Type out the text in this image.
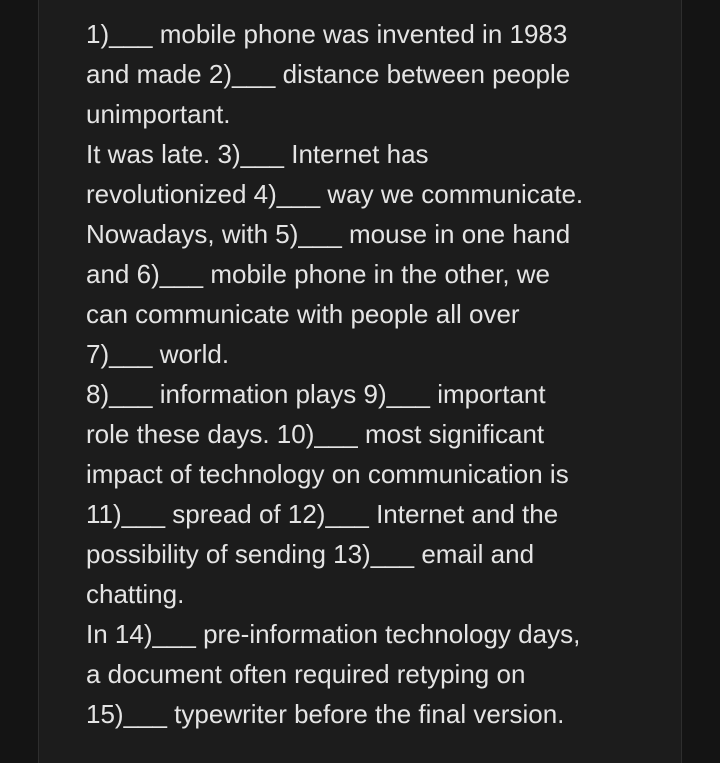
1)___ mobile phone was invented in 1983
and made 2)___ distance between people
unimportant.
It was late. 3)___ Internet has
revolutionized 4)___ way we communicate.
Nowadays, with 5)___ mouse in one hand
and 6)___ mobile phone in the other, we
can communicate with people all over
7)___ world.
8)___ information plays 9)___ important
role these days. 10)___ most significant
impact of technology on communication is
11)___ spread of 12)___ Internet and the
possibility of sending 13)___ email and
chatting.
In 14)___ pre-information technology days,
a document often required retyping on
15)___ typewriter before the final version.
